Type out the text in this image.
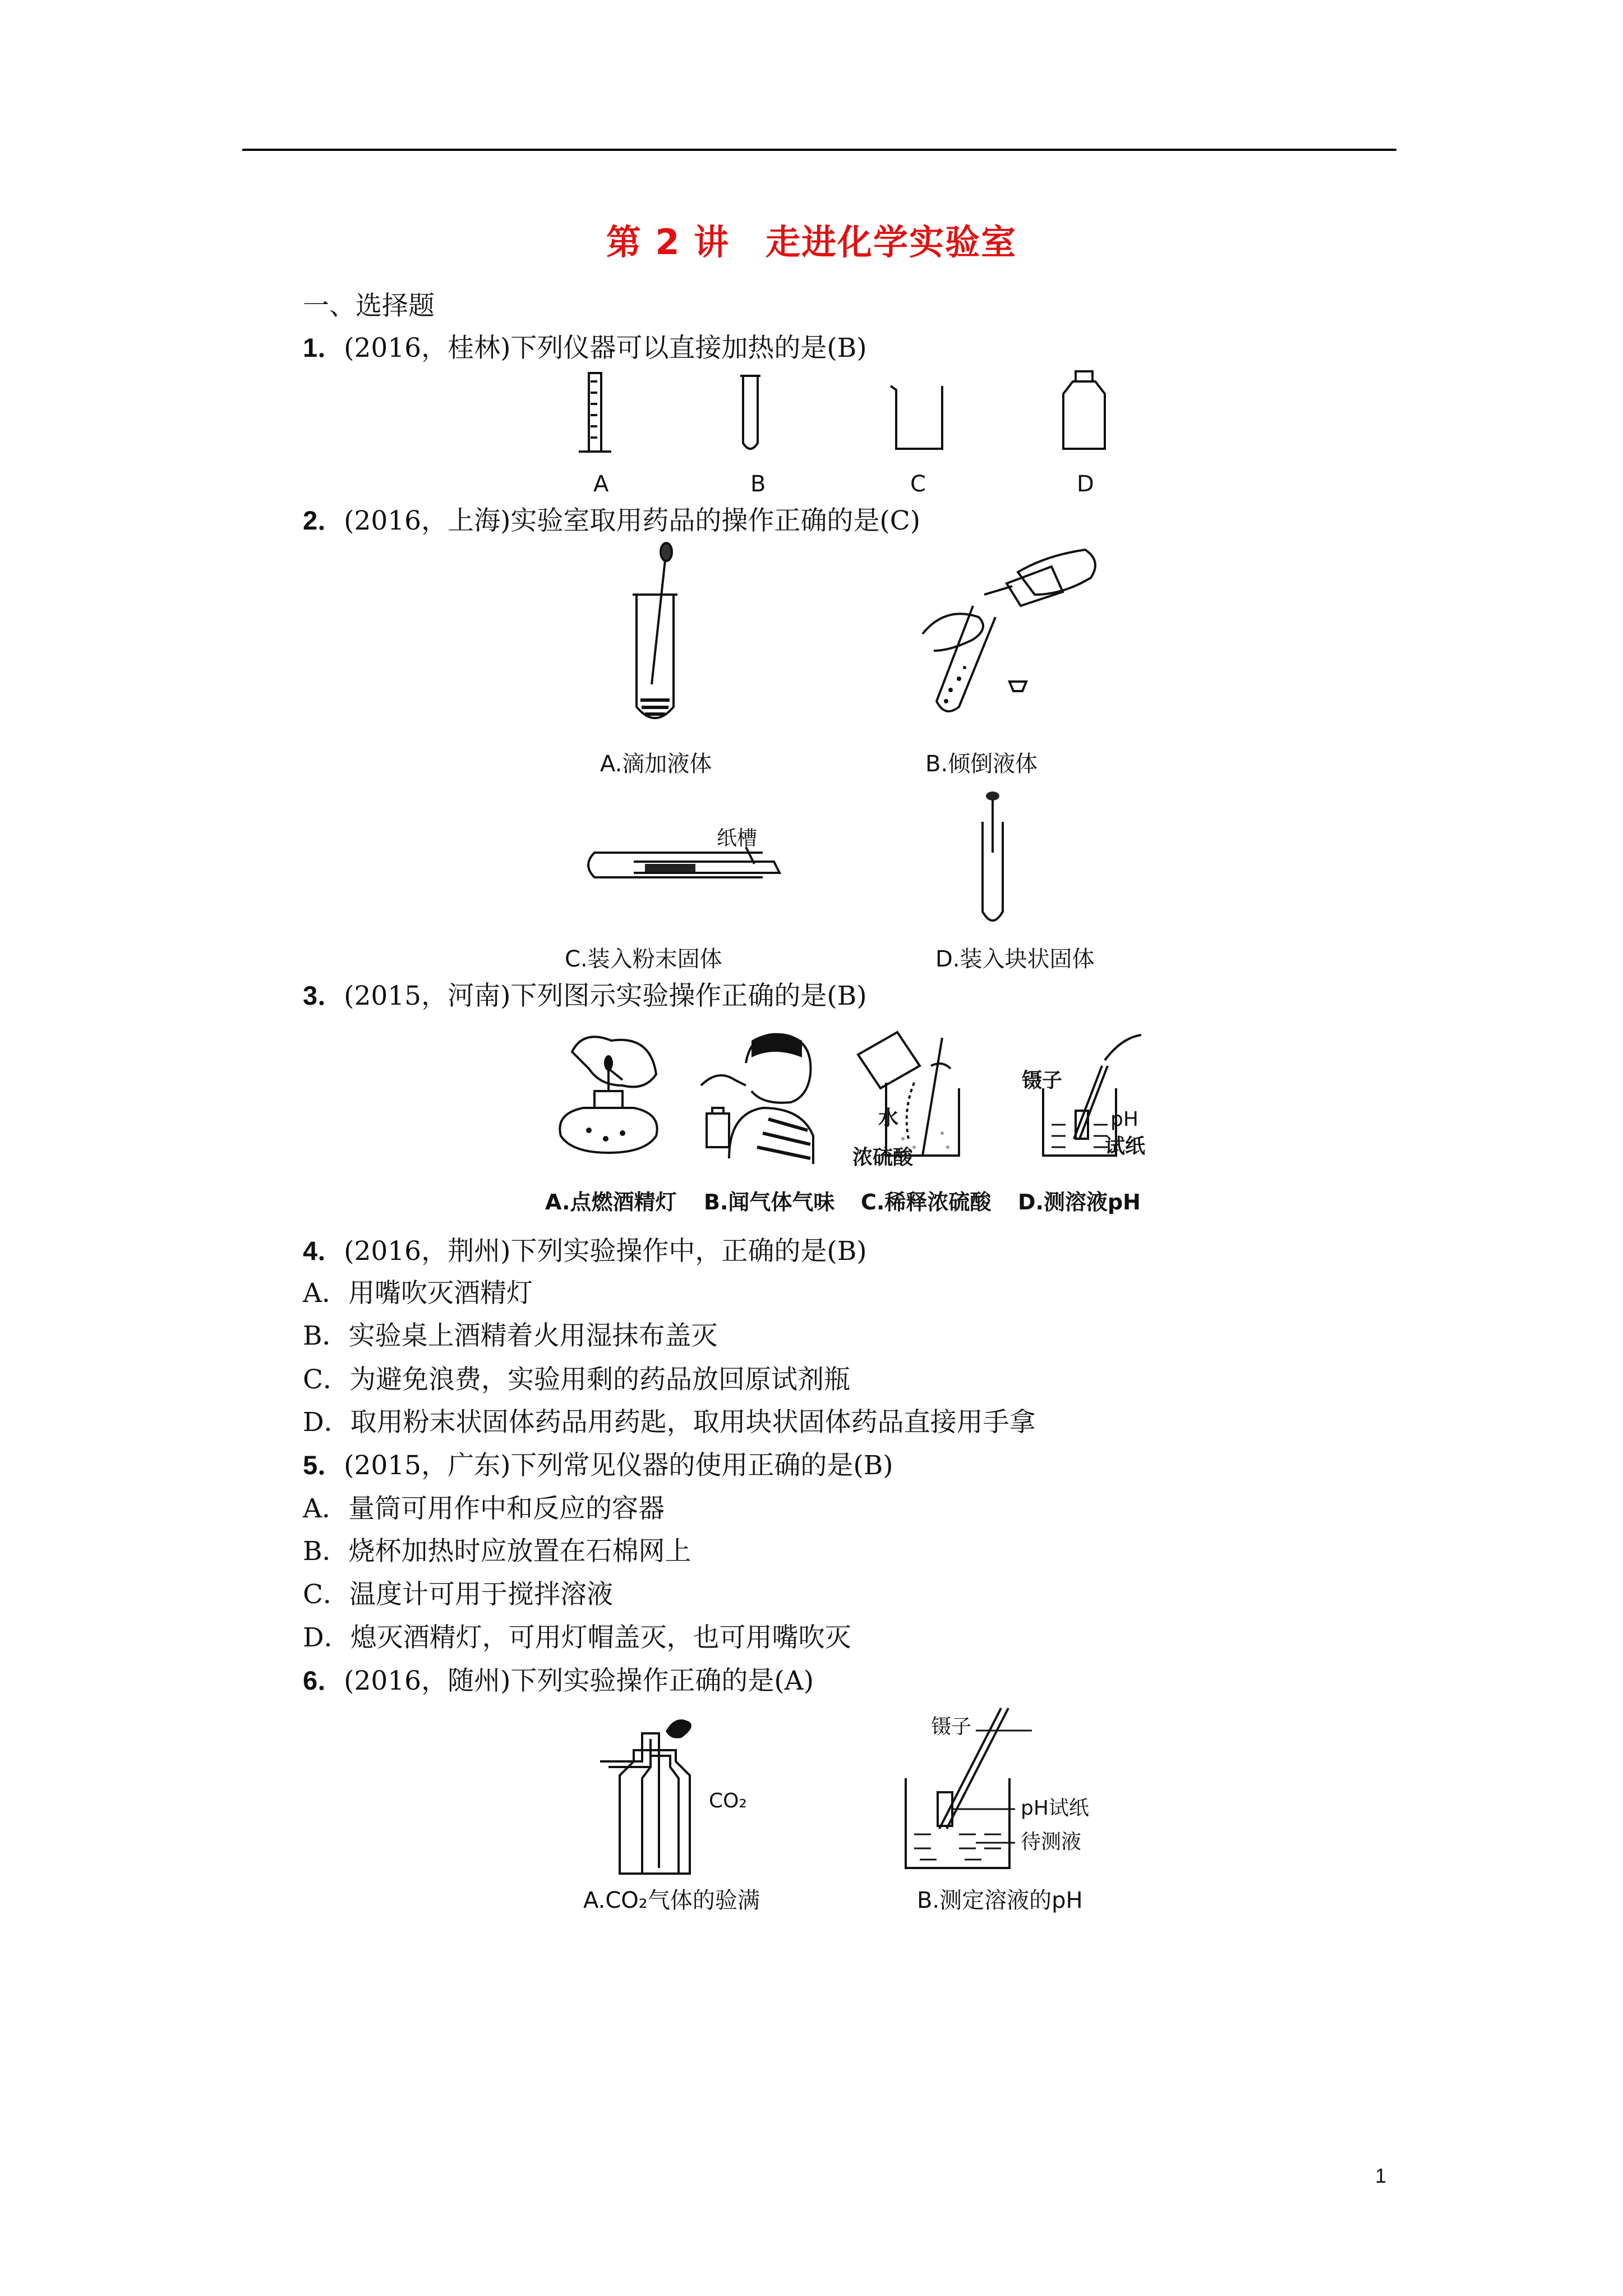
第 2 讲　走进化学实验室
一、选择题
1．(2016，桂林)下列仪器可以直接加热的是(B)
A	B	C	D
2．(2016，上海)实验室取用药品的操作正确的是(C)
A.滴加液体	B.倾倒液体
纸槽
C.装入粉末固体	D.装入块状固体
3．(2015，河南)下列图示实验操作正确的是(B)
水
浓硫酸
镊子
pH
试纸
A.点燃酒精灯 B.闻气体气味 C.稀释浓硫酸 D.测溶液pH
4．(2016，荆州)下列实验操作中，正确的是(B)
A．用嘴吹灭酒精灯
B．实验桌上酒精着火用湿抹布盖灭
C．为避免浪费，实验用剩的药品放回原试剂瓶
D．取用粉末状固体药品用药匙，取用块状固体药品直接用手拿
5．(2015，广东)下列常见仪器的使用正确的是(B)
A．量筒可用作中和反应的容器
B．烧杯加热时应放置在石棉网上
C．温度计可用于搅拌溶液
D．熄灭酒精灯，可用灯帽盖灭，也可用嘴吹灭
6．(2016，随州)下列实验操作正确的是(A)
CO₂
镊子
pH试纸
待测液
A.CO₂气体的验满	B.测定溶液的pH
1
